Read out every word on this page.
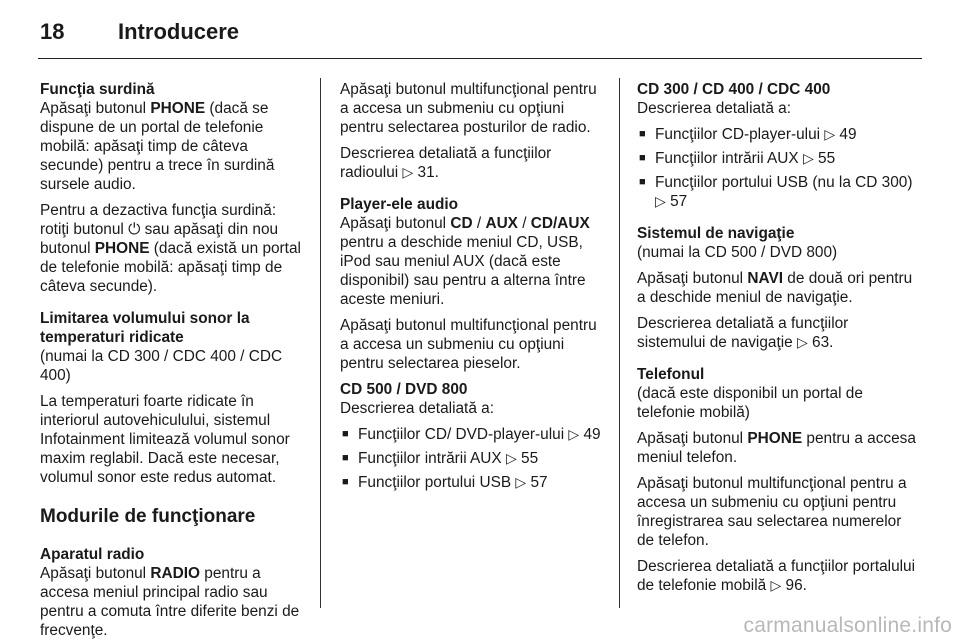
18	Introducere
Funcţia surdină

Apăsaţi butonul PHONE (dacă se dispune de un portal de telefonie mobilă: apăsaţi timp de câteva secunde) pentru a trece în surdină sursele audio.

Pentru a dezactiva funcţia surdină: rotiţi butonul ⏻ sau apăsaţi din nou butonul PHONE (dacă există un portal de telefonie mobilă: apăsaţi timp de câteva secunde).

Limitarea volumului sonor la temperaturi ridicate

(numai la CD 300 / CDC 400 / CDC 400)

La temperaturi foarte ridicate în interiorul autovehiculului, sistemul Infotainment limitează volumul sonor maxim reglabil. Dacă este necesar, volumul sonor este redus automat.

Modurile de funcţionare
Aparatul radio

Apăsaţi butonul RADIO pentru a accesa meniul principal radio sau pentru a comuta între diferite benzi de frecvenţe.

Apăsaţi butonul multifuncţional pentru a accesa un submeniu cu opţiuni pentru selectarea posturilor de radio.

Descrierea detaliată a funcţiilor radioului ▷ 31.

Player-ele audio

Apăsaţi butonul CD / AUX / CD/AUX pentru a deschide meniul CD, USB, iPod sau meniul AUX (dacă este disponibil) sau pentru a alterna între aceste meniuri.

Apăsaţi butonul multifuncţional pentru a accesa un submeniu cu opţiuni pentru selectarea pieselor.

CD 500 / DVD 800

Descrierea detaliată a:

■ Funcţiilor CD/ DVD-player-ului ▷ 49
■ Funcţiilor intrării AUX ▷ 55
■ Funcţiilor portului USB ▷ 57
CD 300 / CD 400 / CDC 400

Descrierea detaliată a:

■ Funcţiilor CD-player-ului ▷ 49
■ Funcţiilor intrării AUX ▷ 55
■ Funcţiilor portului USB (nu la CD 300) ▷ 57
Sistemul de navigaţie

(numai la CD 500 / DVD 800)

Apăsaţi butonul NAVI de două ori pentru a deschide meniul de navigaţie.

Descrierea detaliată a funcţiilor sistemului de navigaţie ▷ 63.

Telefonul

(dacă este disponibil un portal de telefonie mobilă)

Apăsaţi butonul PHONE pentru a accesa meniul telefon.

Apăsaţi butonul multifuncţional pentru a accesa un submeniu cu opţiuni pentru înregistrarea sau selectarea numerelor de telefon.

Descrierea detaliată a funcţiilor portalului de telefonie mobilă ▷ 96.

carmanualsonline.info
